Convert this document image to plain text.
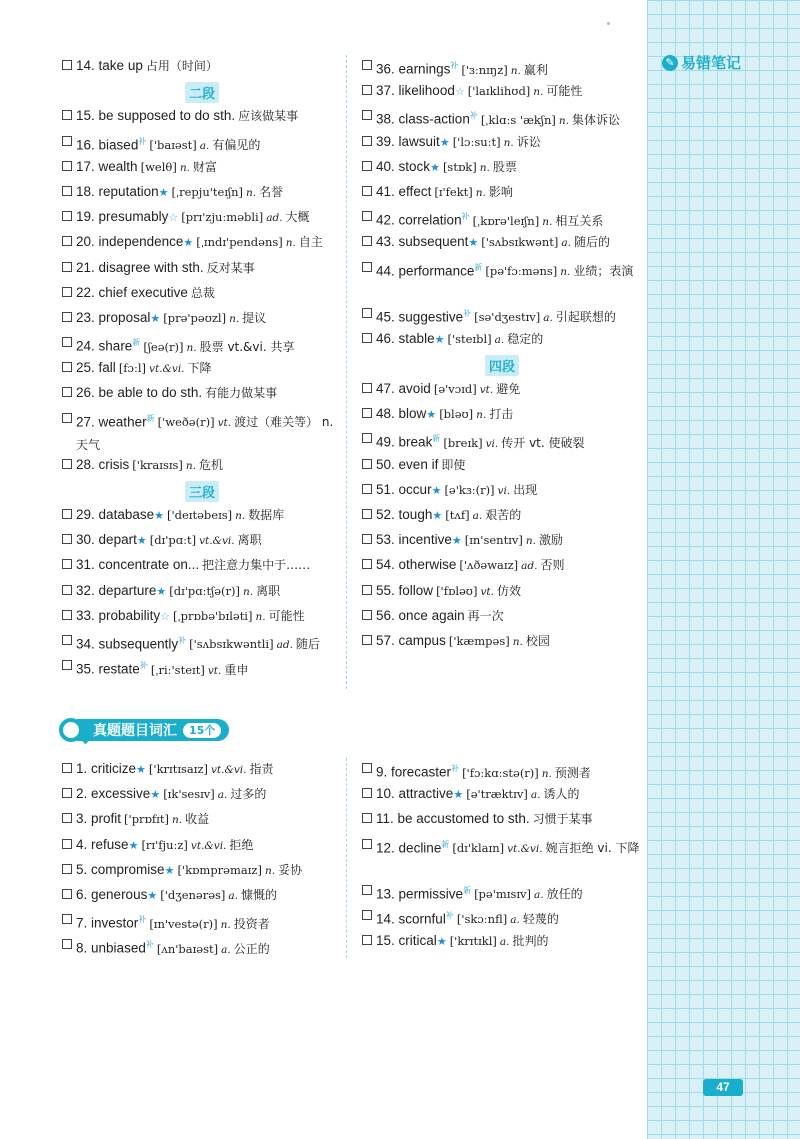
✎ 易错笔记
47
14. take up 占用（时间）
二段
15. be supposed to do sth. 应该做某事
16. biased$^补$ ['baɪəst] a. 有偏见的
17. wealth [welθ] n. 财富
18. reputation★ [ˌrepju'teɪʃn] n. 名誉
19. presumably☆ [prɪ'zjuːməbli] ad. 大概
20. independence★ [ˌɪndɪ'pendəns] n. 自主
21. disagree with sth. 反对某事
22. chief executive 总裁
23. proposal★ [prə'pəʊzl] n. 提议
24. share$^新$ [ʃeə(r)] n. 股票 vt.&vi. 共享
25. fall [fɔːl] vt.&vi. 下降
26. be able to do sth. 有能力做某事
27. weather$^新$ ['weðə(r)] vt. 渡过（难关等） n. 天气
28. crisis ['kraɪsɪs] n. 危机
三段
29. database★ ['deɪtəbeɪs] n. 数据库
30. depart★ [dɪ'pɑːt] vt.&vi. 离职
31. concentrate on... 把注意力集中于……
32. departure★ [dɪ'pɑːtʃə(r)] n. 离职
33. probability☆ [ˌprɒbə'bɪləti] n. 可能性
34. subsequently$^补$ ['sʌbsɪkwəntli] ad. 随后
35. restate$^补$ [ˌriː'steɪt] vt. 重申
36. earnings$^补$ ['ɜːnɪŋz] n. 赢利
37. likelihood☆ ['laɪklihʊd] n. 可能性
38. class-action$^补$ [ˌklɑːs 'ækʃn] n. 集体诉讼
39. lawsuit★ ['lɔːsuːt] n. 诉讼
40. stock★ [stɒk] n. 股票
41. effect [ɪ'fekt] n. 影响
42. correlation$^补$ [ˌkɒrə'leɪʃn] n. 相互关系
43. subsequent★ ['sʌbsɪkwənt] a. 随后的
44. performance$^新$ [pə'fɔːməns] n. 业绩；表演
45. suggestive$^补$ [sə'dʒestɪv] a. 引起联想的
46. stable★ ['steɪbl] a. 稳定的
四段
47. avoid [ə'vɔɪd] vt. 避免
48. blow★ [bləʊ] n. 打击
49. break$^新$ [breɪk] vi. 传开 vt. 使破裂
50. even if 即使
51. occur★ [ə'kɜː(r)] vi. 出现
52. tough★ [tʌf] a. 艰苦的
53. incentive★ [ɪn'sentɪv] n. 激励
54. otherwise ['ʌðəwaɪz] ad. 否则
55. follow ['fɒləʊ] vt. 仿效
56. once again 再一次
57. campus ['kæmpəs] n. 校园
真题题目词汇	15个
1. criticize★ ['krɪtɪsaɪz] vt.&vi. 指责
2. excessive★ [ɪk'sesɪv] a. 过多的
3. profit ['prɒfɪt] n. 收益
4. refuse★ [rɪ'fjuːz] vt.&vi. 拒绝
5. compromise★ ['kɒmprəmaɪz] n. 妥协
6. generous★ ['dʒenərəs] a. 慷慨的
7. investor$^补$ [ɪn'vestə(r)] n. 投资者
8. unbiased$^补$ [ʌn'baɪəst] a. 公正的
9. forecaster$^补$ ['fɔːkɑːstə(r)] n. 预测者
10. attractive★ [ə'træktɪv] a. 诱人的
11. be accustomed to sth. 习惯于某事
12. decline$^新$ [dɪ'klaɪn] vt.&vi. 婉言拒绝 vi. 下降
13. permissive$^新$ [pə'mɪsɪv] a. 放任的
14. scornful$^补$ ['skɔːnfl] a. 轻蔑的
15. critical★ ['krɪtɪkl] a. 批判的
